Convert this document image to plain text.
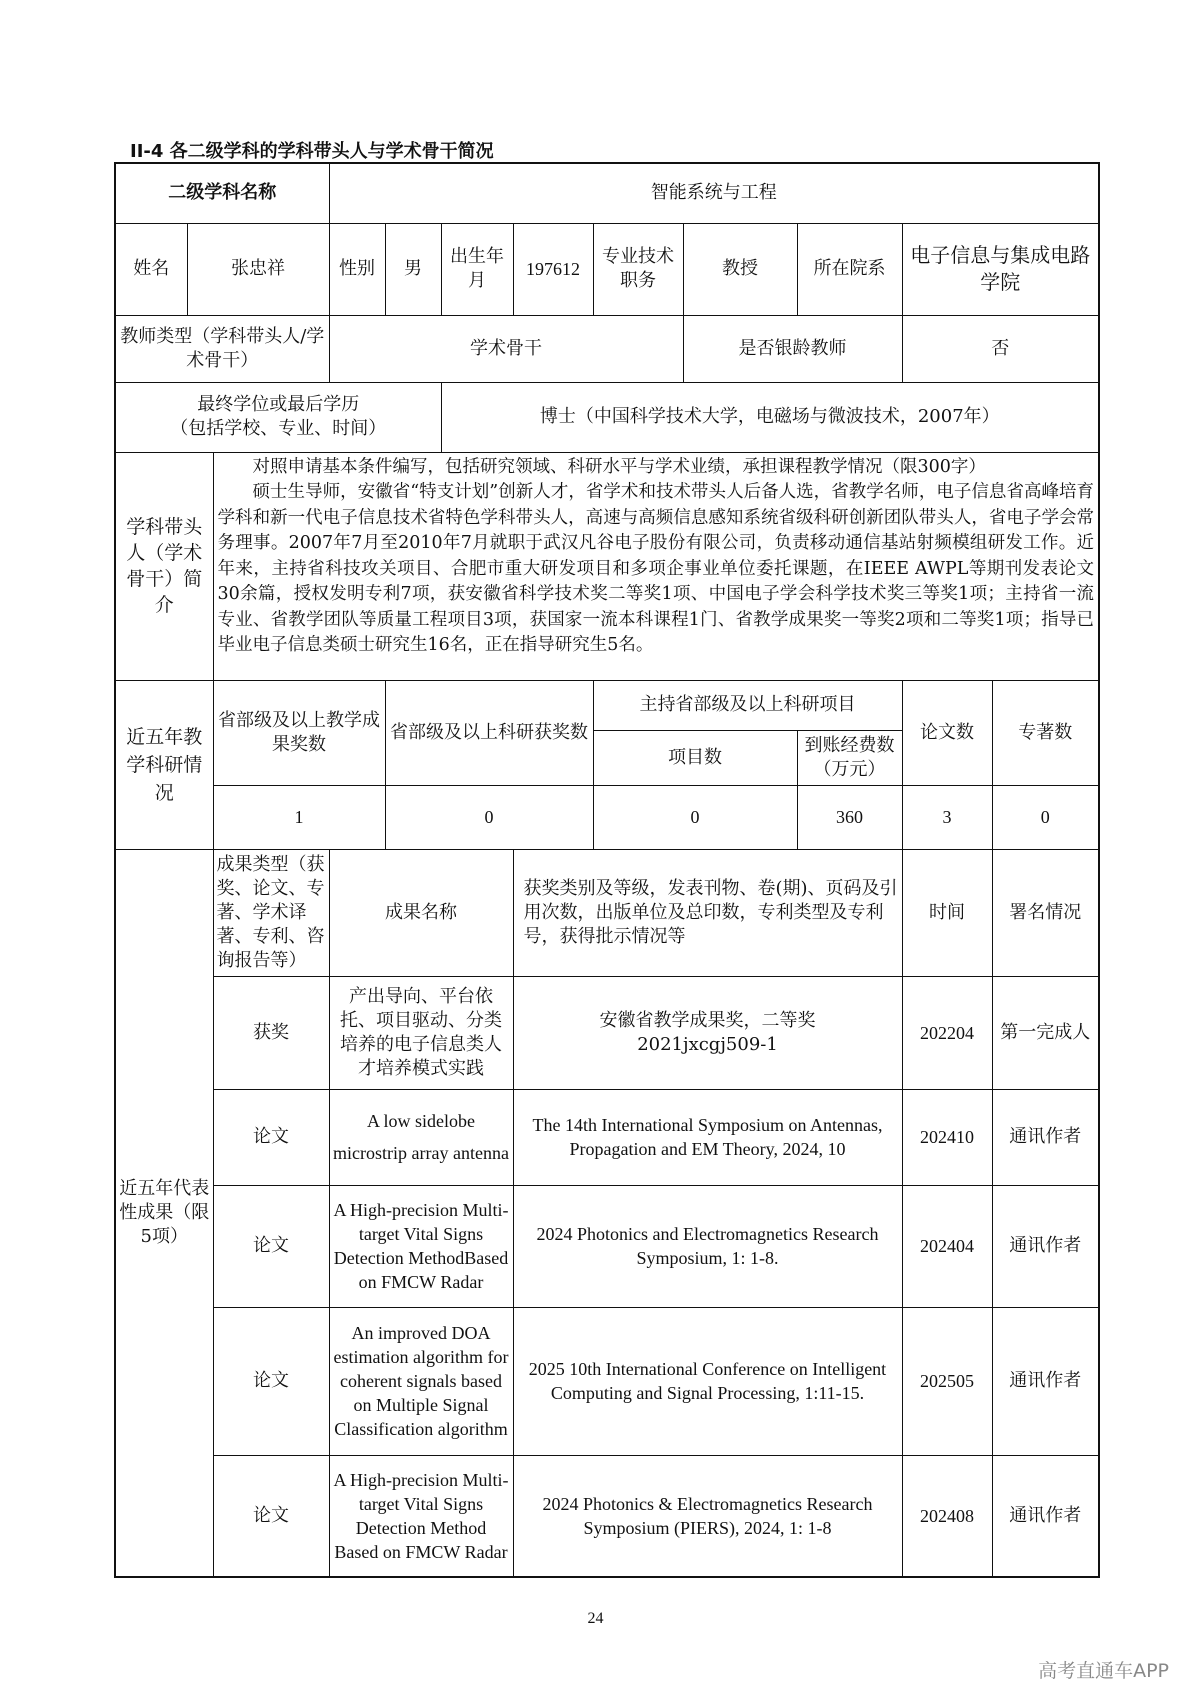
II-4 各二级学科的学科带头人与学术骨干简况
二级学科名称			智能系统与工程								
姓名	张忠祥		性别	男	出生年月	197612	专业技术职务	教授	所在院系	电子信息与集成电路学院	
教师类型（学科带头人/学术骨干）			学术骨干					是否银龄教师		否	

最终学位或最后学历
（包括学校、专业、时间）					博士（中国科学技术大学，电磁场与微波技术，2007年）						
学科带头人（学术骨干）简介		对照申请基本条件编写，包括研究领域、科研水平与学术业绩，承担课程教学情况（限300字）

硕士生导师，安徽省“特支计划”创新人才，省学术和技术带头人后备人选，省教学名师，电子信息省高峰培育学科和新一代电子信息技术省特色学科带头人，高速与高频信息感知系统省级科研创新团队带头人，省电子学会常务理事。2007年7月至2010年7月就职于武汉凡谷电子股份有限公司，负责移动通信基站射频模组研发工作。近年来，主持省科技攻关项目、合肥市重大研发项目和多项企事业单位委托课题，在IEEE AWPL等期刊发表论文30余篇，授权发明专利7项，获安徽省科学技术奖二等奖1项、中国电子学会科学技术奖三等奖1项；主持省一流专业、省教学团队等质量工程项目3项，获国家一流本科课程1门、省教学成果奖一等奖2项和二等奖1项；指导已毕业电子信息类硕士研究生16名，正在指导研究生5名。									

近五年教学科研情况		省部级及以上教学成果奖数		省部级及以上科研获奖数			主持省部级及以上科研项目			论文数	专著数
							项目数		到账经费数（万元）		
		1		0			0		360	3	0
近五年代表性成果（限5项）		成果类型（获奖、论文、专著、学术译著、专利、咨询报告等）	成果名称			获奖类别及等级，发表刊物、卷(期)、页码及引用次数，出版单位及总印数，专利类型及专利号，获得批示情况等				时间	署名情况
		获奖	产出导向、平台依托、项目驱动、分类培养的电子信息类人才培养模式实践			安徽省教学成果奖，二等奖 2021jxcgj509-1				202204	第一完成人
		论文	A low sidelobe microstrip array antenna			The 14th International Symposium on Antennas, Propagation and EM Theory, 2024, 10				202410	通讯作者
		论文	A High-precision Multi-target Vital Signs Detection MethodBased on FMCW Radar			2024 Photonics and Electromagnetics Research Symposium, 1: 1-8.				202404	通讯作者
		论文	An improved DOA estimation algorithm for coherent signals based on Multiple Signal Classification algorithm			2025 10th International Conference on Intelligent Computing and Signal Processing, 1:11-15.				202505	通讯作者
		论文	A High-precision Multi-target Vital Signs Detection Method Based on FMCW Radar			2024 Photonics & Electromagnetics Research Symposium (PIERS), 2024, 1: 1-8				202408	通讯作者
24
高考直通车APP
